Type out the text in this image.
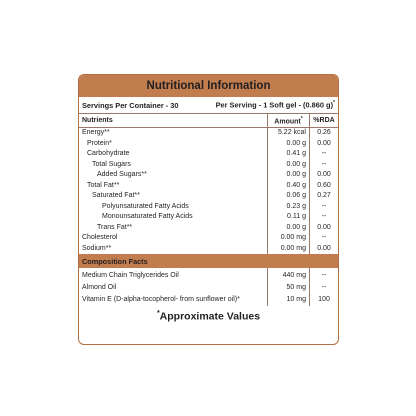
Nutritional Information
Servings Per Container - 30	Per Serving - 1 Soft gel - (0.860 g)*
Nutrients	Amount*	%RDA
Energy**	5.22 kcal	0.26
Protein*	0.00 g	0.00
Carbohydrate	0.41 g	--
Total Sugars	0.00 g	--
Added Sugars**	0.00 g	0.00
Total Fat**	0.40 g	0.60
Saturated Fat**	0.06 g	0.27
Polyunsaturated Fatty Acids	0.23 g	--
Monounsaturated Fatty Acids	0.11 g	--
Trans Fat**	0.00 g	0.00
Cholesterol	0.00 mg	--
Sodium**	0.00 mg	0.00
Composition Facts
Medium Chain Triglycerides Oil	440 mg	--
Almond Oil	50 mg	--
Vitamin E (D-alpha-tocopherol- from sunflower oil)*	10 mg	100
*Approximate Values
